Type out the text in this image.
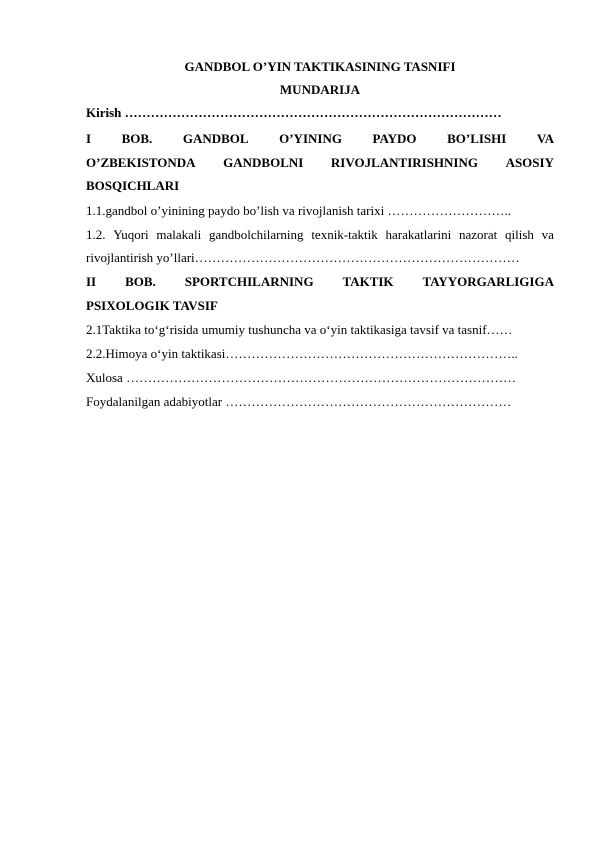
GANDBOL O’YIN TAKTIKASINING TASNIFI
MUNDARIJA
Kirish ……………………………………………………………………………
I BOB. GANDBOL O’YINING PAYDO BO’LISHI VA
O’ZBEKISTONDA GANDBOLNI RIVOJLANTIRISHNING ASOSIY
BOSQICHLARI
1.1.gandbol o’yinining paydo bo’lish va rivojlanish tarixi ………………………..
1.2. Yuqori malakali gandbolchilarning texnik-taktik harakatlarini nazorat qilish va
rivojlantirish yo’llari…………………………………………………………………
II BOB. SPORTCHILARNING TAKTIK TAYYORGARLIGIGA
PSIXOLOGIK TAVSIF
2.1Taktika to‘g‘risida umumiy tushuncha va o‘yin taktikasiga tavsif va tasnif……
2.2.Himoya o‘yin taktikasi…………………………………………………………..
Xulosa ………………………………………………………………………………
Foydalanilgan adabiyotlar …………………………………………………………
